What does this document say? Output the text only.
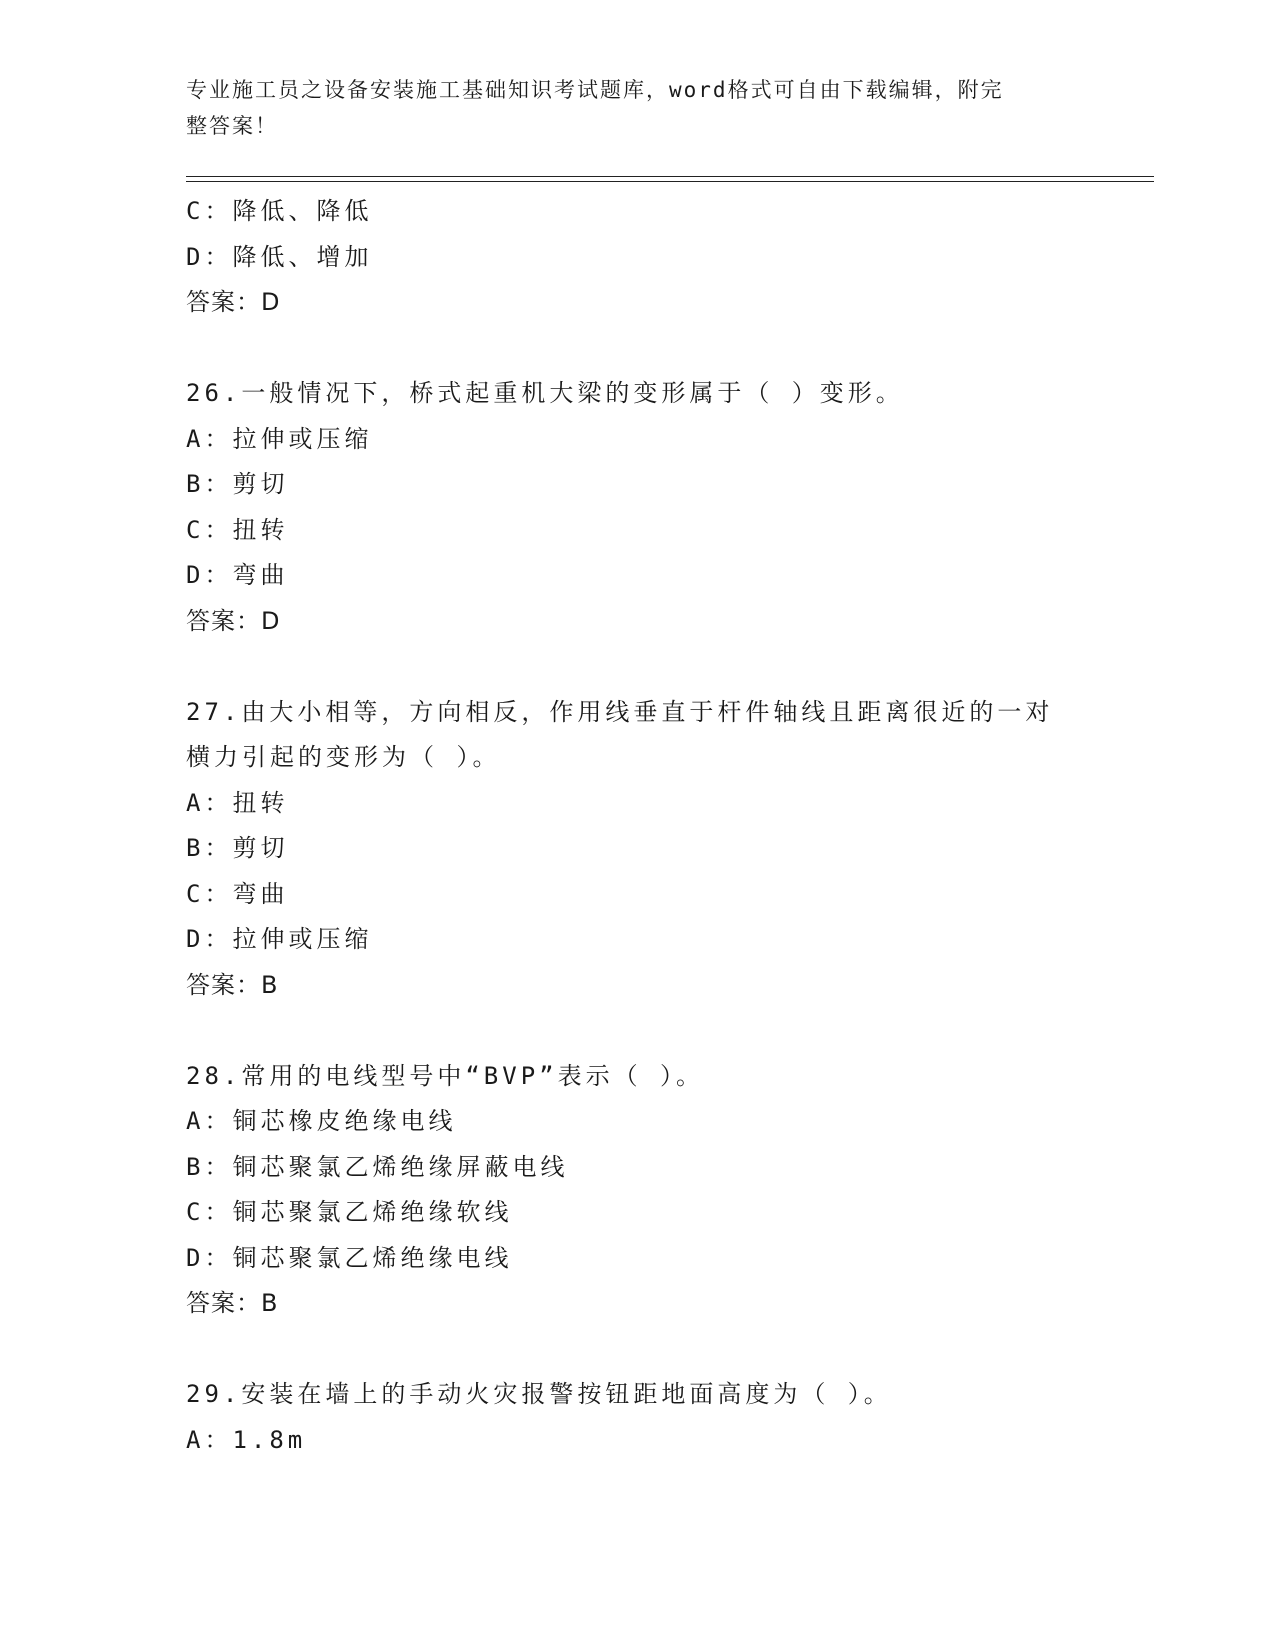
专业施工员之设备安装施工基础知识考试题库，word格式可自由下载编辑，附完
整答案！
C：降低、降低
D：降低、增加
答案：D
26.一般情况下，桥式起重机大梁的变形属于（ ）变形。
A：拉伸或压缩
B：剪切
C：扭转
D：弯曲
答案：D
27.由大小相等，方向相反，作用线垂直于杆件轴线且距离很近的一对
横力引起的变形为（ ）。
A：扭转
B：剪切
C：弯曲
D：拉伸或压缩
答案：B
28.常用的电线型号中“BVP”表示（ ）。
A：铜芯橡皮绝缘电线
B：铜芯聚氯乙烯绝缘屏蔽电线
C：铜芯聚氯乙烯绝缘软线
D：铜芯聚氯乙烯绝缘电线
答案：B
29.安装在墙上的手动火灾报警按钮距地面高度为（ ）。
A：1.8m
